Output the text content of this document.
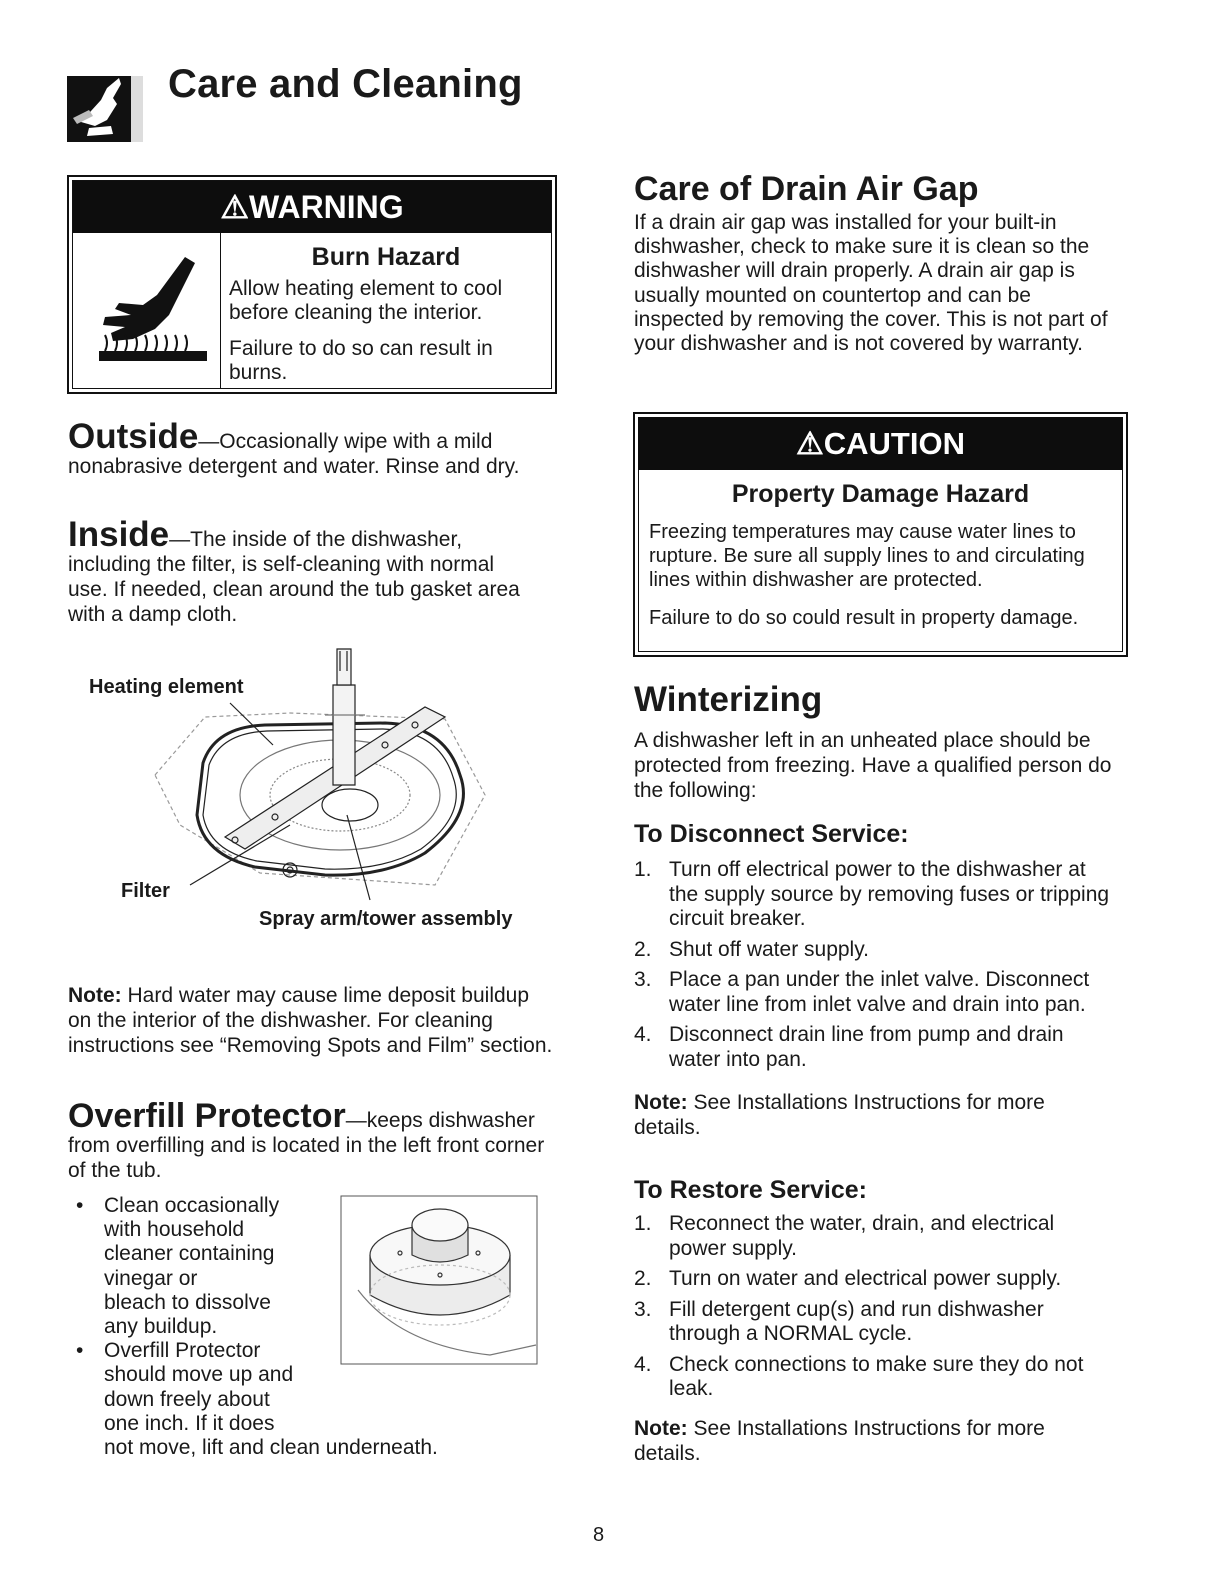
Care and Cleaning
⚠WARNING
Burn Hazard
Allow heating element to cool before cleaning the interior.
Failure to do so can result in burns.
Outside—Occasionally wipe with a mild
nonabrasive detergent and water. Rinse and dry.
Inside—The inside of the dishwasher,
including the filter, is self-cleaning with normal use. If needed, clean around the tub gasket area with a damp cloth.
Heating element
Filter
Spray arm/tower assembly
Note: Hard water may cause lime deposit buildup on the interior of the dishwasher. For cleaning instructions see “Removing Spots and Film” section.
Overfill Protector—keeps dishwasher
from overfilling and is located in the left front corner of the tub.
• Clean occasionally
with household
cleaner containing
vinegar or
bleach to dissolve
any buildup.
• Overfill Protector
should move up and
down freely about
one inch. If it does
not move, lift and clean underneath.
Care of Drain Air Gap
If a drain air gap was installed for your built-in dishwasher, check to make sure it is clean so the dishwasher will drain properly. A drain air gap is usually mounted on countertop and can be inspected by removing the cover. This is not part of your dishwasher and is not covered by warranty.
⚠CAUTION
Property Damage Hazard
Freezing temperatures may cause water lines to rupture. Be sure all supply lines to and circulating lines within dishwasher are protected.
Failure to do so could result in property damage.
Winterizing
A dishwasher left in an unheated place should be protected from freezing. Have a qualified person do the following:
To Disconnect Service:
1. Turn off electrical power to the dishwasher at the supply source by removing fuses or tripping circuit breaker.
2. Shut off water supply.
3. Place a pan under the inlet valve. Disconnect water line from inlet valve and drain into pan.
4. Disconnect drain line from pump and drain water into pan.
Note: See Installations Instructions for more details.
To Restore Service:
1. Reconnect the water, drain, and electrical power supply.
2. Turn on water and electrical power supply.
3. Fill detergent cup(s) and run dishwasher through a NORMAL cycle.
4. Check connections to make sure they do not leak.
Note: See Installations Instructions for more details.
8
